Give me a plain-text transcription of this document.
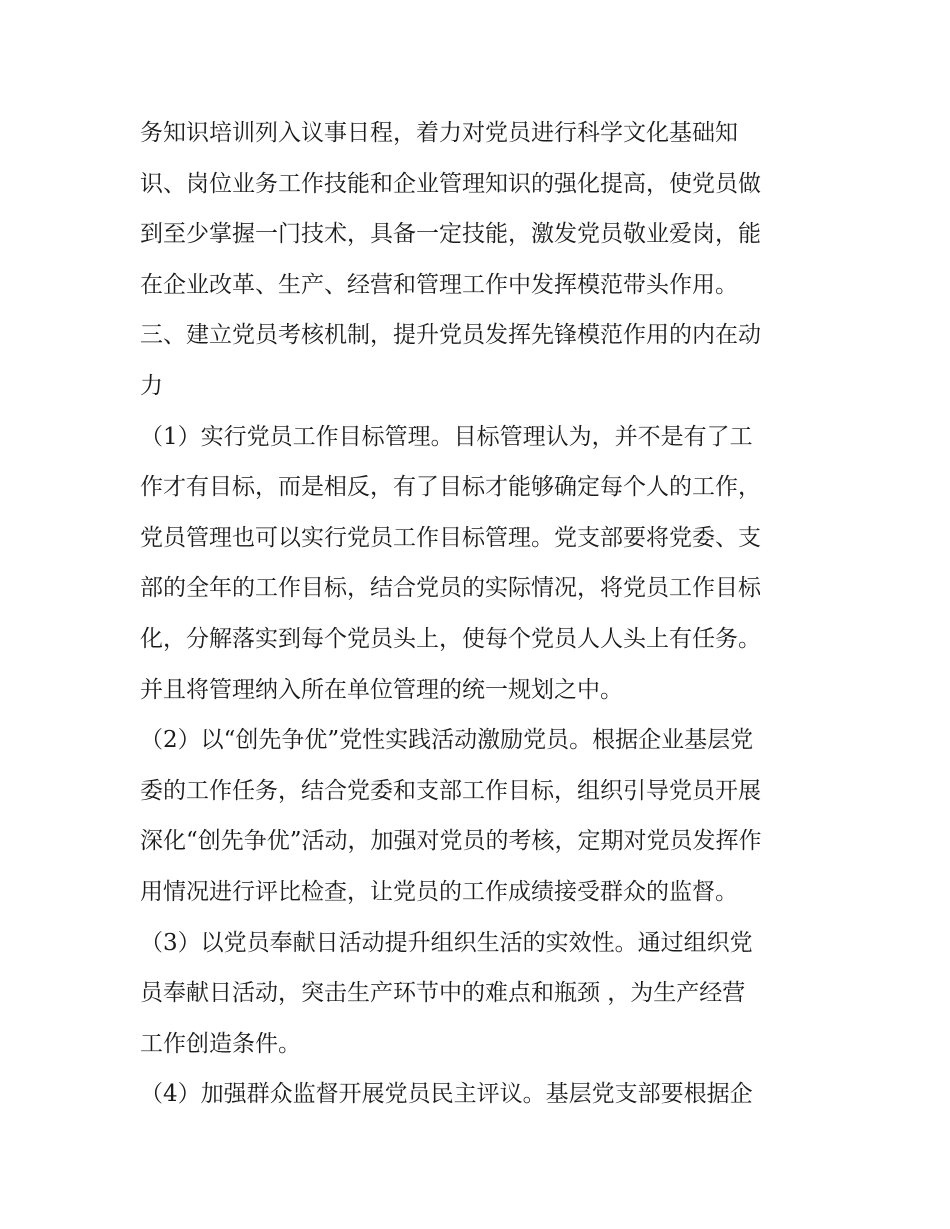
务知识培训列入议事日程，着力对党员进行科学文化基础知
识、岗位业务工作技能和企业管理知识的强化提高，使党员做
到至少掌握一门技术，具备一定技能，激发党员敬业爱岗，能
在企业改革、生产、经营和管理工作中发挥模范带头作用。
三、建立党员考核机制，提升党员发挥先锋模范作用的内在动
力
（1）实行党员工作目标管理。目标管理认为，并不是有了工
作才有目标，而是相反，有了目标才能够确定每个人的工作，
党员管理也可以实行党员工作目标管理。党支部要将党委、支
部的全年的工作目标，结合党员的实际情况，将党员工作目标
化，分解落实到每个党员头上，使每个党员人人头上有任务。
并且将管理纳入所在单位管理的统一规划之中。
（2）以“创先争优”党性实践活动激励党员。根据企业基层党
委的工作任务，结合党委和支部工作目标，组织引导党员开展
深化“创先争优”活动，加强对党员的考核，定期对党员发挥作
用情况进行评比检查，让党员的工作成绩接受群众的监督。
（3）以党员奉献日活动提升组织生活的实效性。通过组织党
员奉献日活动，突击生产环节中的难点和瓶颈 ，为生产经营
工作创造条件。
（4）加强群众监督开展党员民主评议。基层党支部要根据企
